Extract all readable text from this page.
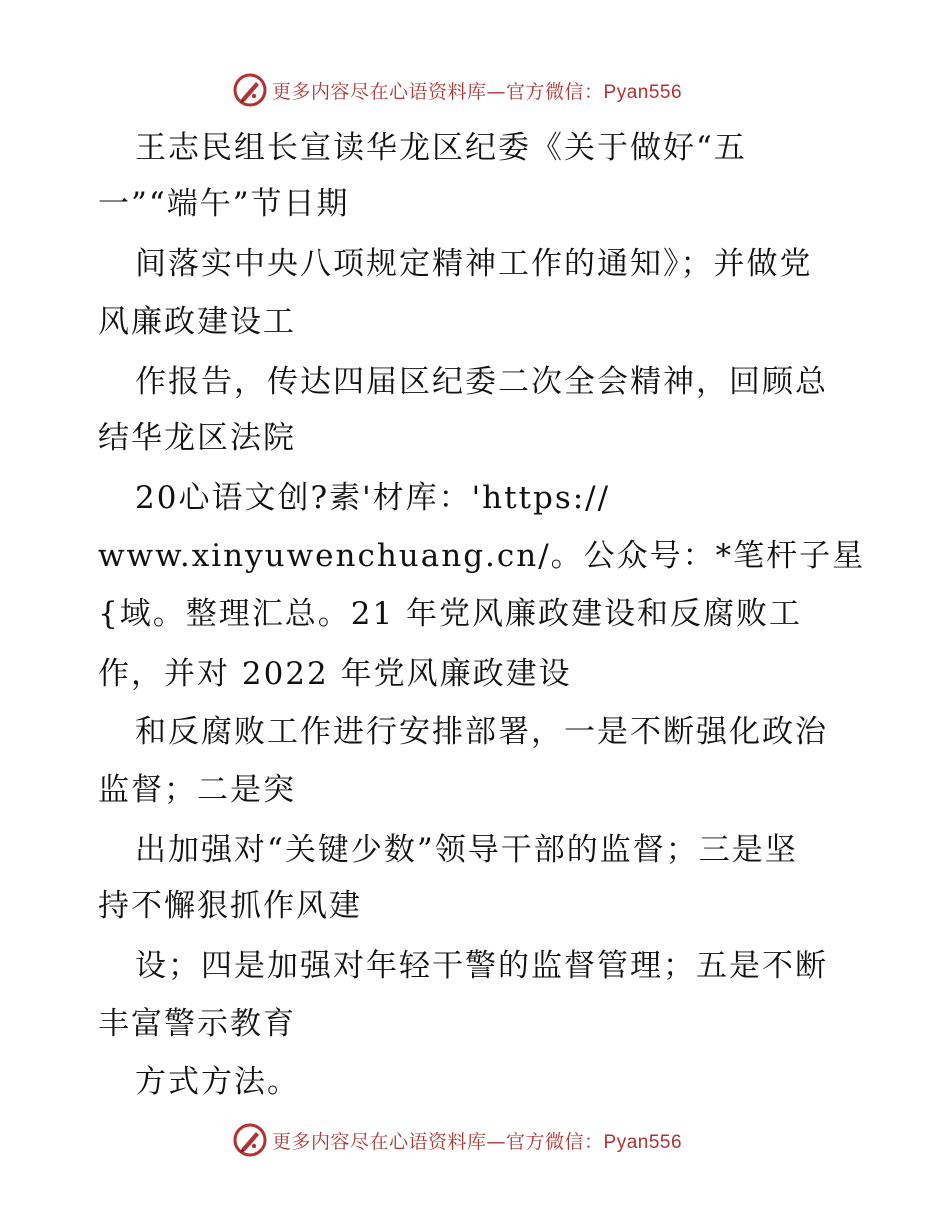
更多内容尽在心语资料库—官方微信：Pyan556
王志民组长宣读华龙区纪委《关于做好“五
一”“端午”节日期
间落实中央八项规定精神工作的通知》；并做党
风廉政建设工
作报告，传达四届区纪委二次全会精神，回顾总
结华龙区法院
20心语文创?素'材库：'https://
www.xinyuwenchuang.cn/。公众号：*笔杆子星
{域。整理汇总。21 年党风廉政建设和反腐败工
作，并对 2022 年党风廉政建设
和反腐败工作进行安排部署，一是不断强化政治
监督；二是突
出加强对“关键少数”领导干部的监督；三是坚
持不懈狠抓作风建
设；四是加强对年轻干警的监督管理；五是不断
丰富警示教育
方式方法。
更多内容尽在心语资料库—官方微信：Pyan556
